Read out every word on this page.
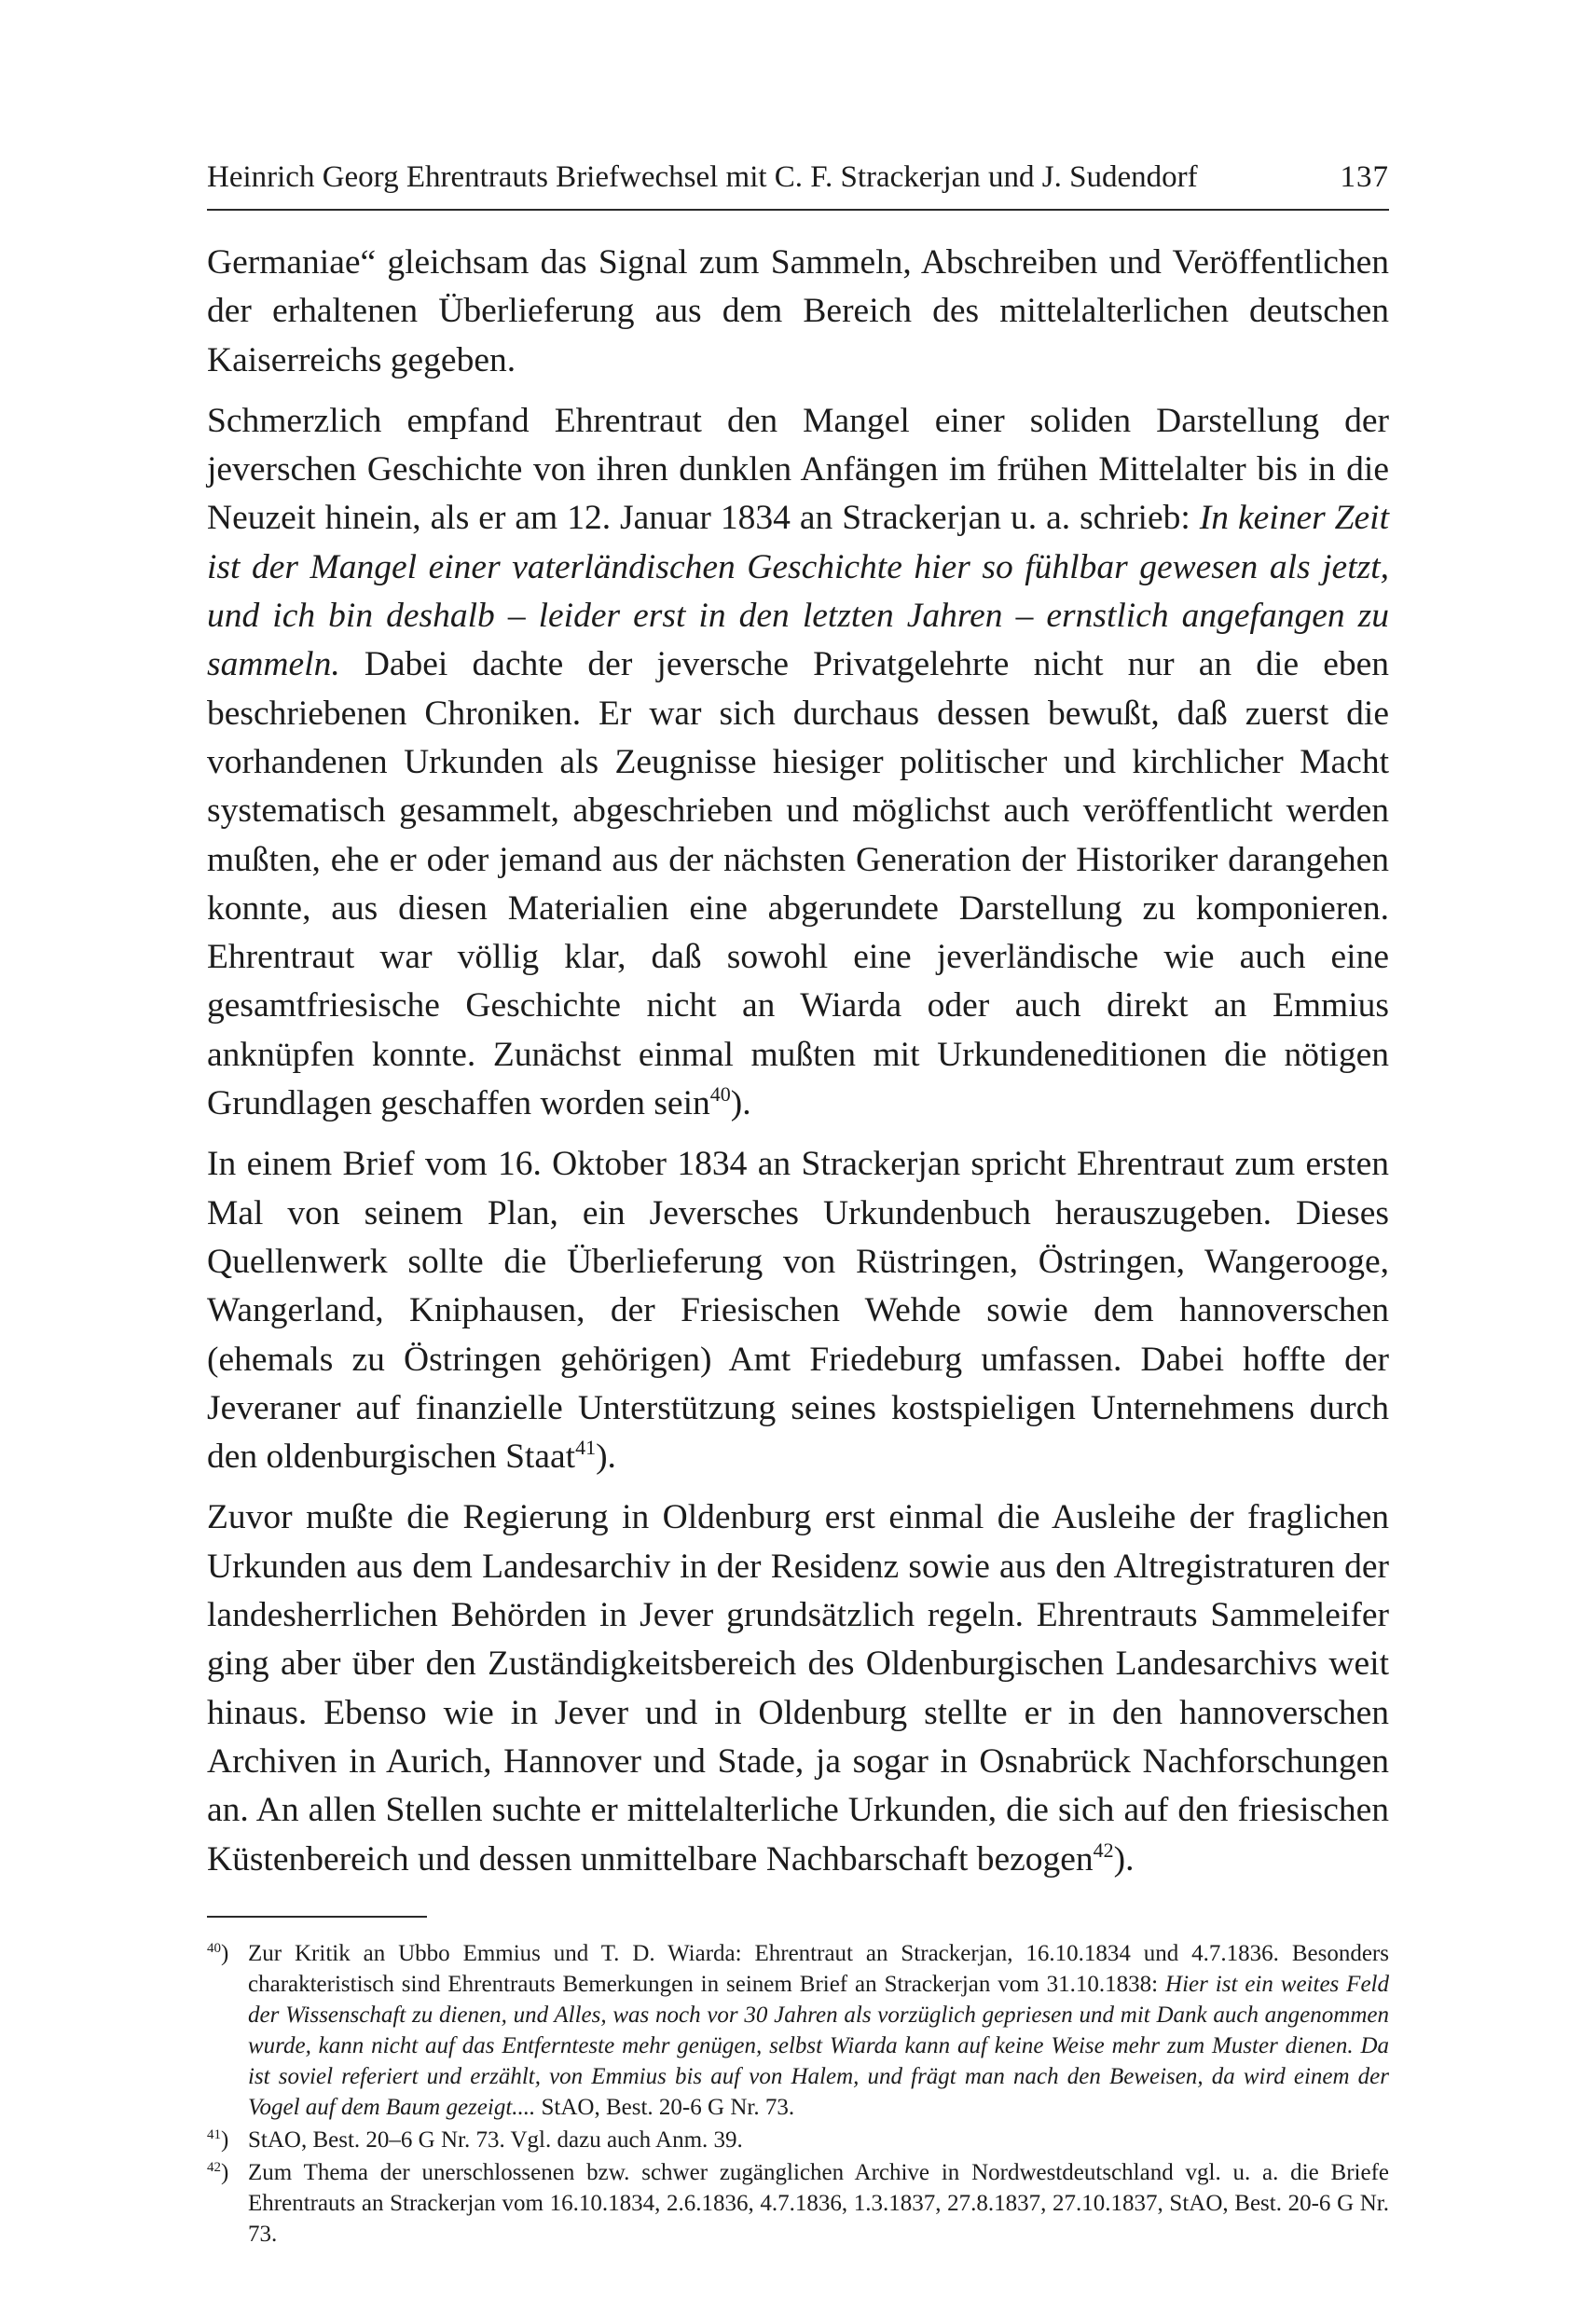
Heinrich Georg Ehrentrauts Briefwechsel mit C. F. Strackerjan und J. Sudendorf	137

Germaniae“ gleichsam das Signal zum Sammeln, Abschreiben und Veröffentlichen der erhaltenen Überlieferung aus dem Bereich des mittelalterlichen deutschen Kaiserreichs gegeben.

Schmerzlich empfand Ehrentraut den Mangel einer soliden Darstellung der jeverschen Geschichte von ihren dunklen Anfängen im frühen Mittelalter bis in die Neuzeit hinein, als er am 12. Januar 1834 an Strackerjan u. a. schrieb: In keiner Zeit ist der Mangel einer vaterländischen Geschichte hier so fühlbar gewesen als jetzt, und ich bin deshalb – leider erst in den letzten Jahren – ernstlich angefangen zu sammeln. Dabei dachte der jeversche Privatgelehrte nicht nur an die eben beschriebenen Chroniken. Er war sich durchaus dessen bewußt, daß zuerst die vorhandenen Urkunden als Zeugnisse hiesiger politischer und kirchlicher Macht systematisch gesammelt, abgeschrieben und möglichst auch veröffentlicht werden mußten, ehe er oder jemand aus der nächsten Generation der Historiker darangehen konnte, aus diesen Materialien eine abgerundete Darstellung zu komponieren. Ehrentraut war völlig klar, daß sowohl eine jeverländische wie auch eine gesamtfriesische Geschichte nicht an Wiarda oder auch direkt an Emmius anknüpfen konnte. Zunächst einmal mußten mit Urkundeneditionen die nötigen Grundlagen geschaffen worden sein$^{40}$).

In einem Brief vom 16. Oktober 1834 an Strackerjan spricht Ehrentraut zum ersten Mal von seinem Plan, ein Jeversches Urkundenbuch herauszugeben. Dieses Quellenwerk sollte die Überlieferung von Rüstringen, Östringen, Wangerooge, Wangerland, Kniphausen, der Friesischen Wehde sowie dem hannoverschen (ehemals zu Östringen gehörigen) Amt Friedeburg umfassen. Dabei hoffte der Jeveraner auf finanzielle Unterstützung seines kostspieligen Unternehmens durch den oldenburgischen Staat$^{41}$).

Zuvor mußte die Regierung in Oldenburg erst einmal die Ausleihe der fraglichen Urkunden aus dem Landesarchiv in der Residenz sowie aus den Altregistraturen der landesherrlichen Behörden in Jever grundsätzlich regeln. Ehrentrauts Sammeleifer ging aber über den Zuständigkeitsbereich des Oldenburgischen Landesarchivs weit hinaus. Ebenso wie in Jever und in Oldenburg stellte er in den hannoverschen Archiven in Aurich, Hannover und Stade, ja sogar in Osnabrück Nachforschungen an. An allen Stellen suchte er mittelalterliche Urkunden, die sich auf den friesischen Küstenbereich und dessen unmittelbare Nachbarschaft bezogen$^{42}$).

$^{40}$) Zur Kritik an Ubbo Emmius und T. D. Wiarda: Ehrentraut an Strackerjan, 16.10.1834 und 4.7.1836. Besonders charakteristisch sind Ehrentrauts Bemerkungen in seinem Brief an Strackerjan vom 31.10.1838: Hier ist ein weites Feld der Wissenschaft zu dienen, und Alles, was noch vor 30 Jahren als vorzüglich gepriesen und mit Dank auch angenommen wurde, kann nicht auf das Entfernteste mehr genügen, selbst Wiarda kann auf keine Weise mehr zum Muster dienen. Da ist soviel referiert und erzählt, von Emmius bis auf von Halem, und frägt man nach den Beweisen, da wird einem der Vogel auf dem Baum gezeigt.... StAO, Best. 20-6 G Nr. 73.
$^{41}$) StAO, Best. 20–6 G Nr. 73. Vgl. dazu auch Anm. 39.
$^{42}$) Zum Thema der unerschlossenen bzw. schwer zugänglichen Archive in Nordwestdeutschland vgl. u. a. die Briefe Ehrentrauts an Strackerjan vom 16.10.1834, 2.6.1836, 4.7.1836, 1.3.1837, 27.8.1837, 27.10.1837, StAO, Best. 20-6 G Nr. 73.
